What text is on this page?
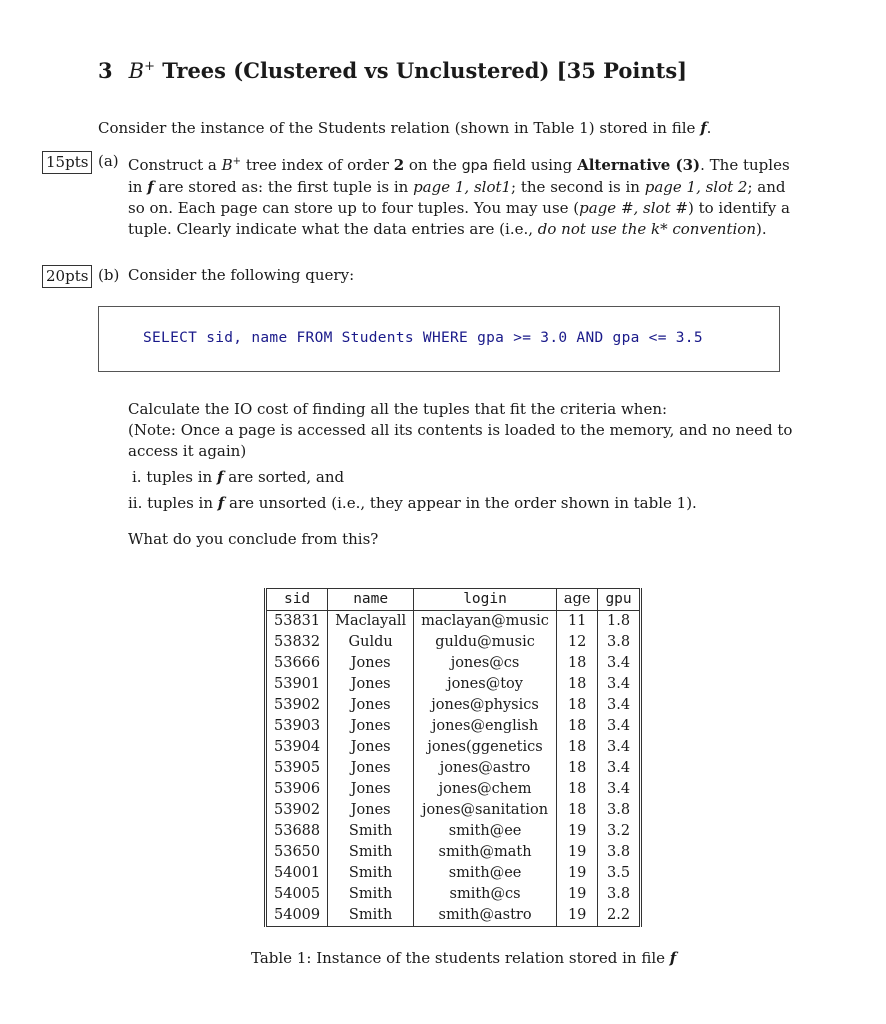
3 B+ Trees (Clustered vs Unclustered) [35 Points]
Consider the instance of the Students relation (shown in Table 1) stored in file f.
15pts (a) Construct a B+ tree index of order 2 on the gpa field using Alternative (3). The tuples
in f are stored as: the first tuple is in page 1, slot1; the second is in page 1, slot 2; and
so on. Each page can store up to four tuples. You may use (page #, slot #) to identify a
tuple. Clearly indicate what the data entries are (i.e., do not use the k* convention).
20pts (b) Consider the following query:
SELECT sid, name FROM Students WHERE gpa >= 3.0 AND gpa <= 3.5
Calculate the IO cost of finding all the tuples that fit the criteria when:
(Note: Once a page is accessed all its contents is loaded to the memory, and no need to
access it again)
i. tuples in f are sorted, and
ii. tuples in f are unsorted (i.e., they appear in the order shown in table 1).
What do you conclude from this?
sid	name	login	age	gpu
53831	Maclayall	maclayan@music	11	1.8
53832	Guldu	guldu@music	12	3.8
53666	Jones	jones@cs	18	3.4
53901	Jones	jones@toy	18	3.4
53902	Jones	jones@physics	18	3.4
53903	Jones	jones@english	18	3.4
53904	Jones	jones(ggenetics	18	3.4
53905	Jones	jones@astro	18	3.4
53906	Jones	jones@chem	18	3.4
53902	Jones	jones@sanitation	18	3.8
53688	Smith	smith@ee	19	3.2
53650	Smith	smith@math	19	3.8
54001	Smith	smith@ee	19	3.5
54005	Smith	smith@cs	19	3.8
54009	Smith	smith@astro	19	2.2
Table 1: Instance of the students relation stored in file f
